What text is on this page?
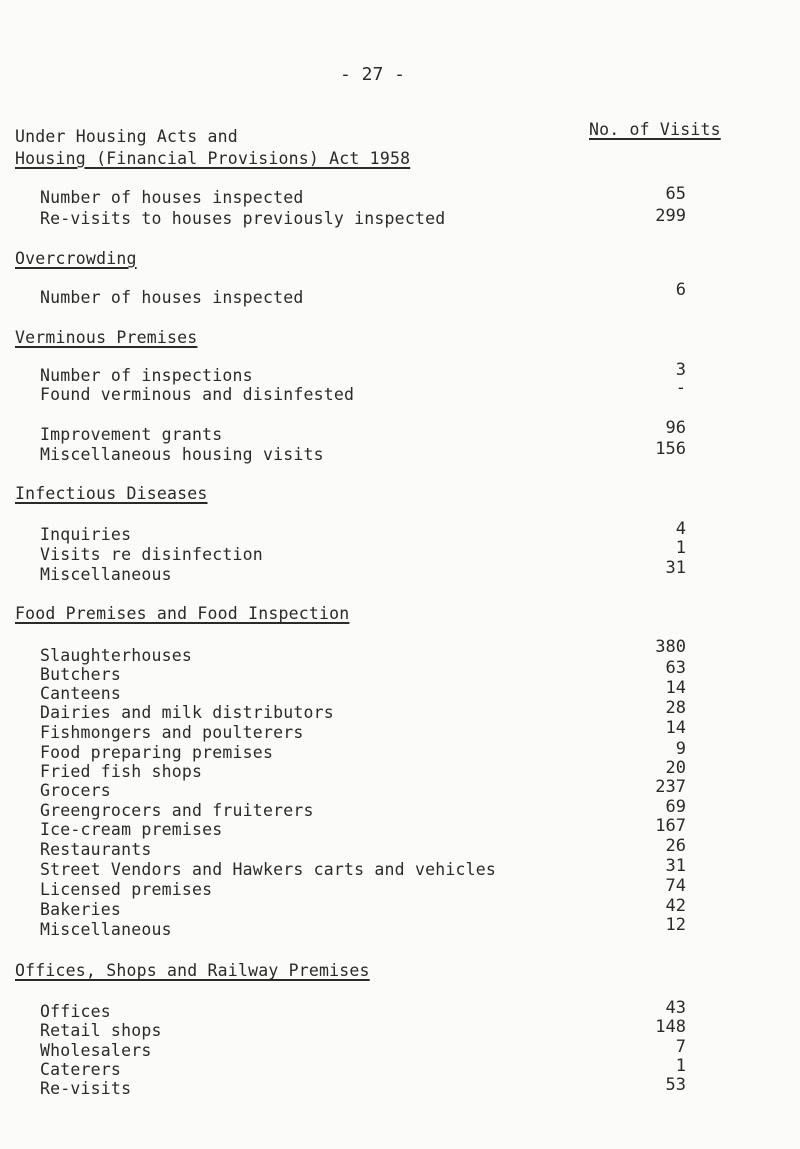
- 27 -
Under Housing Acts and
Housing (Financial Provisions) Act 1958
No. of Visits
Number of houses inspected	65
Re-visits to houses previously inspected	299
Overcrowding
Number of houses inspected	6
Verminous Premises
Number of inspections	3
Found verminous and disinfested	-
Improvement grants	96
Miscellaneous housing visits	156
Infectious Diseases
Inquiries	4
Visits re disinfection	1
Miscellaneous	31
Food Premises and Food Inspection
Slaughterhouses	380
Butchers	63
Canteens	14
Dairies and milk distributors	28
Fishmongers and poulterers	14
Food preparing premises	9
Fried fish shops	20
Grocers	237
Greengrocers and fruiterers	69
Ice-cream premises	167
Restaurants	26
Street Vendors and Hawkers carts and vehicles	31
Licensed premises	74
Bakeries	42
Miscellaneous	12
Offices, Shops and Railway Premises
Offices	43
Retail shops	148
Wholesalers	7
Caterers	1
Re-visits	53
